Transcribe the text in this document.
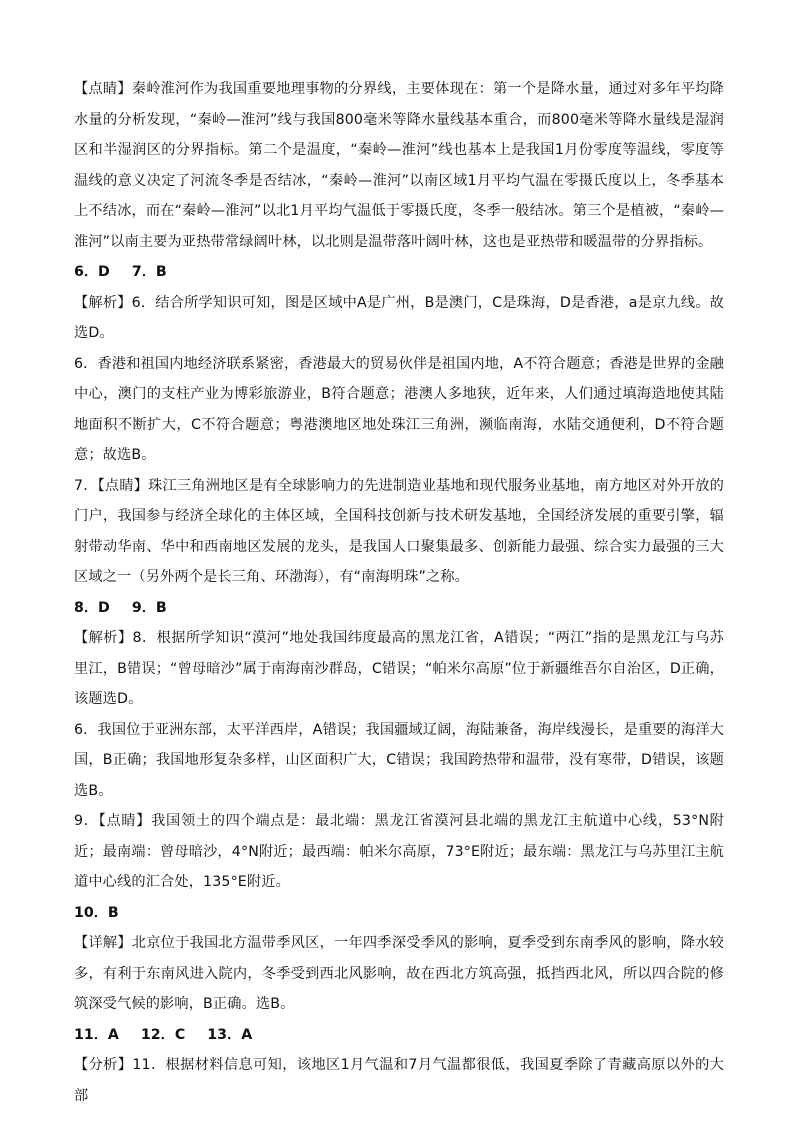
【点睛】秦岭淮河作为我国重要地理事物的分界线，主要体现在：第一个是降水量，通过对多年平均降水量的分析发现，“秦岭—淮河”线与我国800毫米等降水量线基本重合，而800毫米等降水量线是湿润区和半湿润区的分界指标。第二个是温度，“秦岭—淮河”线也基本上是我国1月份零度等温线，零度等温线的意义决定了河流冬季是否结冰，“秦岭—淮河”以南区域1月平均气温在零摄氏度以上，冬季基本上不结冰，而在“秦岭—淮河”以北1月平均气温低于零摄氏度，冬季一般结冰。第三个是植被，“秦岭—淮河”以南主要为亚热带常绿阔叶林，以北则是温带落叶阔叶林，这也是亚热带和暖温带的分界指标。

6．D 7．B

【解析】6．结合所学知识可知，图是区域中A是广州，B是澳门，C是珠海，D是香港，a是京九线。故选D。

6．香港和祖国内地经济联系紧密，香港最大的贸易伙伴是祖国内地，A不符合题意；香港是世界的金融中心，澳门的支柱产业为博彩旅游业，B符合题意；港澳人多地狭，近年来，人们通过填海造地使其陆地面积不断扩大，C不符合题意；粤港澳地区地处珠江三角洲，濒临南海，水陆交通便利，D不符合题意；故选B。

7．【点睛】珠江三角洲地区是有全球影响力的先进制造业基地和现代服务业基地，南方地区对外开放的门户，我国参与经济全球化的主体区域，全国科技创新与技术研发基地，全国经济发展的重要引擎，辐射带动华南、华中和西南地区发展的龙头，是我国人口聚集最多、创新能力最强、综合实力最强的三大区域之一（另外两个是长三角、环渤海），有“南海明珠”之称。

8．D 9．B

【解析】8．根据所学知识“漠河”地处我国纬度最高的黑龙江省，A错误；“两江”指的是黑龙江与乌苏里江，B错误；“曾母暗沙”属于南海南沙群岛，C错误；“帕米尔高原”位于新疆维吾尔自治区，D正确，该题选D。

6．我国位于亚洲东部，太平洋西岸，A错误；我国疆域辽阔，海陆兼备，海岸线漫长，是重要的海洋大国，B正确；我国地形复杂多样，山区面积广大，C错误；我国跨热带和温带，没有寒带，D错误，该题选B。

9．【点睛】我国领土的四个端点是：最北端：黑龙江省漠河县北端的黑龙江主航道中心线，53°N附近；最南端：曾母暗沙，4°N附近；最西端：帕米尔高原，73°E附近；最东端：黑龙江与乌苏里江主航道中心线的汇合处，135°E附近。

10．B

【详解】北京位于我国北方温带季风区，一年四季深受季风的影响，夏季受到东南季风的影响，降水较多，有利于东南风进入院内，冬季受到西北风影响，故在西北方筑高强，抵挡西北风，所以四合院的修筑深受气候的影响，B正确。选B。

11．A 12．C 13．A

【分析】11．根据材料信息可知，该地区1月气温和7月气温都很低，我国夏季除了青藏高原以外的大部
